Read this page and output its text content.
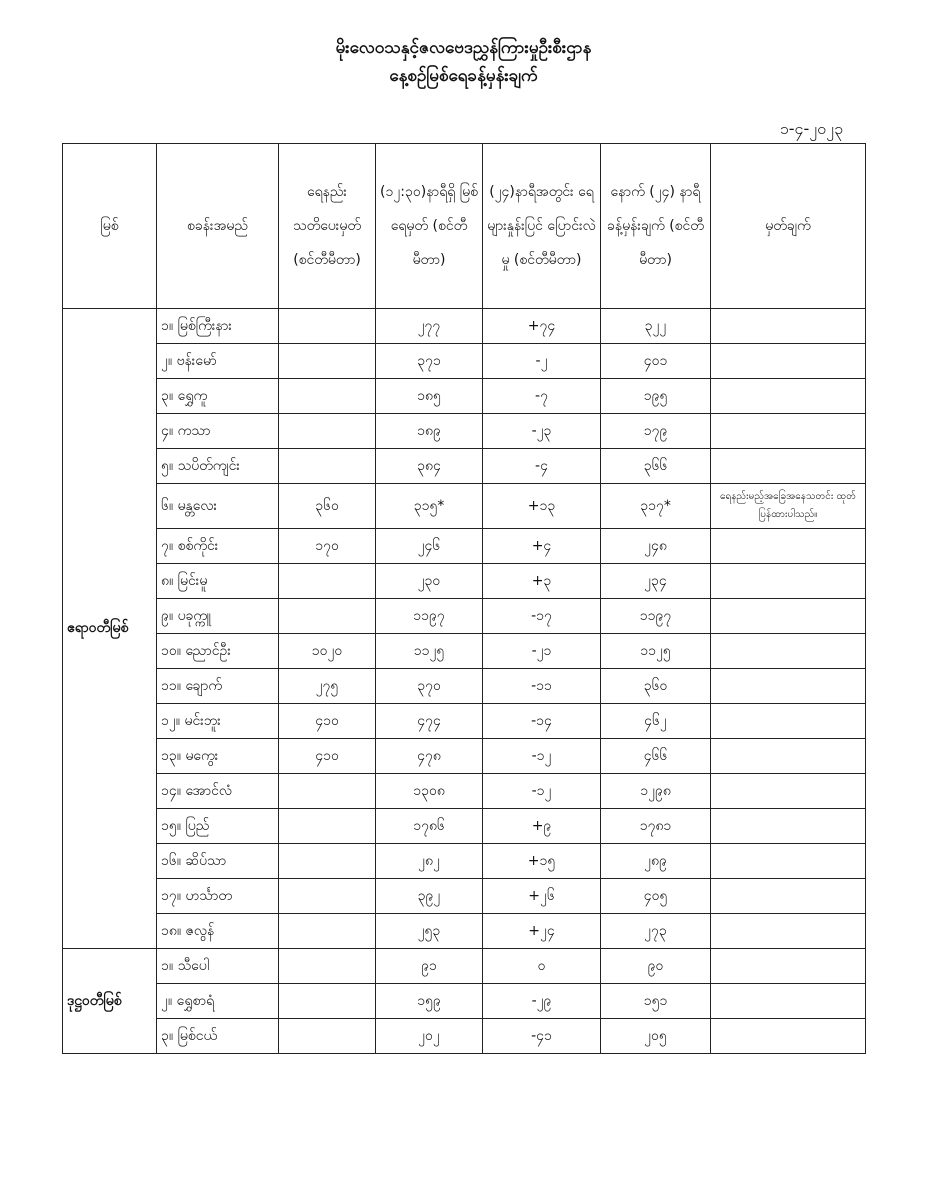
မိုးလေဝသနှင့်ဇလဗေဒညွှန်ကြားမှုဦးစီးဌာန
နေ့စဉ်မြစ်ရေခန့်မှန်းချက်
၁-၄-၂၀၂၃
မြစ်	စခန်းအမည်	ရေနည်း သတိပေးမှတ် (စင်တီမီတာ)	(၁၂:၃၀)နာရီရှိ မြစ်ရေမှတ် (စင်တီမီတာ)	(၂၄)နာရီအတွင်း ရေများနှုန်းပြင် ပြောင်းလဲမှု (စင်တီမီတာ)	နောက် (၂၄) နာရီ ခန့်မှန်းချက် (စင်တီမီတာ)	မှတ်ချက်
ဧရာဝတီမြစ်	၁။ မြစ်ကြီးနား		၂၇၇	+၇၄	၃၂၂	
	၂။ ဗန်းမော်		၃၇၁	-၂	၄၀၁	
	၃။ ရွှေကူ		၁၈၅	-၇	၁၉၅	
	၄။ ကသာ		၁၈၉	-၂၃	၁၇၉	
	၅။ သပိတ်ကျင်း		၃၈၄	-၄	၃၆၆	
	၆။ မန္တလေး	၃၆၀	၃၁၅*	+၁၃	၃၁၇*	ရေနည်းမည့်အခြေအနေသတင်း ထုတ်ပြန်ထားပါသည်။
	၇။ စစ်ကိုင်း	၁၇၀	၂၄၆	+၄	၂၄၈	
	၈။ မြင်းမူ		၂၃၀	+၃	၂၃၄	
	၉။ ပခုက္ကူ		၁၁၉၇	-၁၇	၁၁၉၇	
	၁၀။ ညောင်ဦး	၁၀၂၀	၁၁၂၅	-၂၁	၁၁၂၅	
	၁၁။ ချောက်	၂၇၅	၃၇၀	-၁၁	၃၆၀	
	၁၂။ မင်းဘူး	၄၁၀	၄၇၄	-၁၄	၄၆၂	
	၁၃။ မကွေး	၄၁၀	၄၇၈	-၁၂	၄၆၆	
	၁၄။ အောင်လံ		၁၃၀၈	-၁၂	၁၂၉၈	
	၁၅။ ပြည်		၁၇၈၆	+၉	၁၇၈၁	
	၁၆။ ဆိပ်သာ		၂၈၂	+၁၅	၂၈၉	
	၁၇။ ဟင်္သာတ		၃၉၂	+၂၆	၄၀၅	
	၁၈။ ဇလွန်		၂၅၃	+၂၄	၂၇၃	
ဒုဋ္ဌဝတီမြစ်	၁။ သီပေါ		၉၁	၀	၉၀	
	၂။ ရွှေစာရံ		၁၅၉	-၂၉	၁၅၁	
	၃။ မြစ်ငယ်		၂၀၂	-၄၁	၂၀၅	
